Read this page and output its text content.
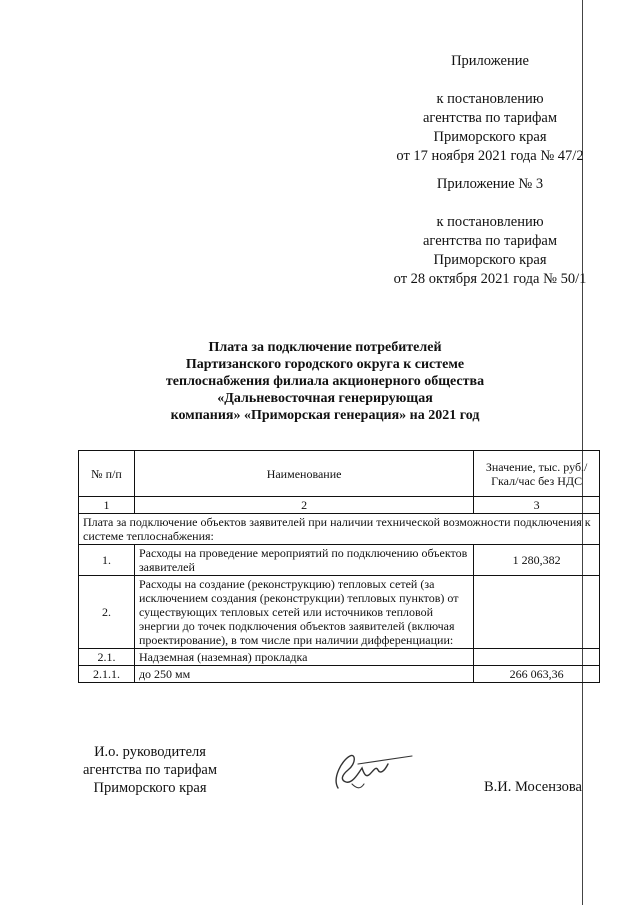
Приложение
к постановлению
агентства по тарифам
Приморского края
от 17 ноября 2021 года № 47/2
Приложение № 3
к постановлению
агентства по тарифам
Приморского края
от 28 октября 2021 года № 50/1
Плата за подключение потребителей
Партизанского городского округа к системе
теплоснабжения филиала акционерного общества
«Дальневосточная генерирующая
компания» «Приморская генерация» на 2021 год
№ п/п	Наименование	Значение, тыс. руб./Гкал/час без НДС
1	2	3
Плата за подключение объектов заявителей при наличии технической возможности подключения к системе теплоснабжения:		
1.	Расходы на проведение мероприятий по подключению объектов заявителей	1 280,382
2.	Расходы на создание (реконструкцию) тепловых сетей (за исключением создания (реконструкции) тепловых пунктов) от существующих тепловых сетей или источников тепловой энергии до точек подключения объектов заявителей (включая проектирование), в том числе при наличии дифференциации:	
2.1.	Надземная (наземная) прокладка	
2.1.1.	до 250 мм	266 063,36
И.о. руководителя
агентства по тарифам
Приморского края	В.И. Мосензова
